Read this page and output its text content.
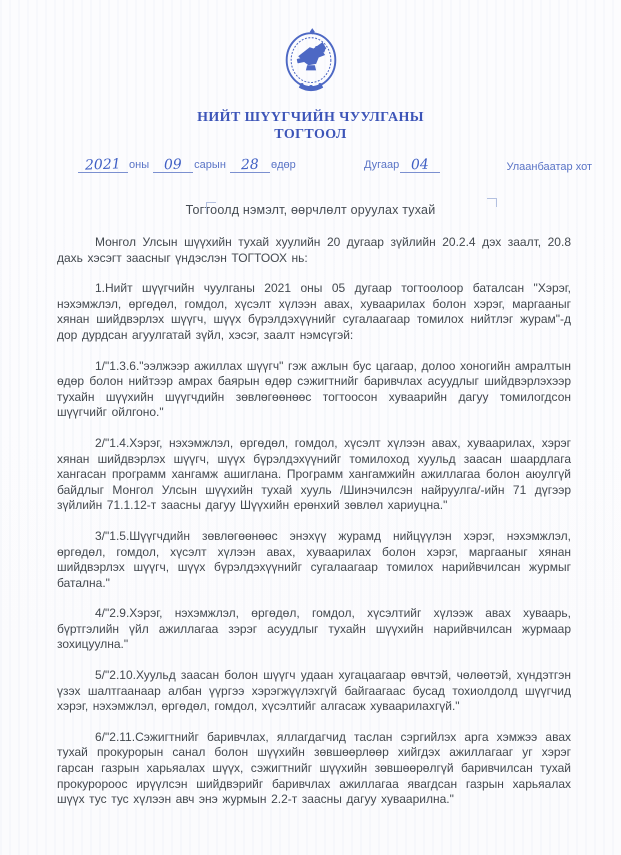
НИЙТ ШҮҮГЧИЙН ЧУУЛГАНЫ
ТОГТООЛ
2021 оны 09 сарын 28 өдөр	Дугаар 04	Улаанбаатар хот
Тогтоолд нэмэлт, өөрчлөлт оруулах тухай

Монгол Улсын шүүхийн тухай хуулийн 20 дугаар зүйлийн 20.2.4 дэх заалт, 20.8 дахь хэсэгт заасныг үндэслэн ТОГТООХ нь:

1.Нийт шүүгчийн чуулганы 2021 оны 05 дугаар тогтоолоор баталсан "Хэрэг, нэхэмжлэл, өргөдөл, гомдол, хүсэлт хүлээн авах, хуваарилах болон хэрэг, маргааныг хянан шийдвэрлэх шүүгч, шүүх бүрэлдэхүүнийг сугалаагаар томилох нийтлэг журам"-д дор дурдсан агуулгатай зүйл, хэсэг, заалт нэмсүгэй:

1/"1.3.6."ээлжээр ажиллах шүүгч" гэж ажлын бус цагаар, долоо хоногийн амралтын өдөр болон нийтээр амрах баярын өдөр сэжигтнийг баривчлах асуудлыг шийдвэрлэхээр тухайн шүүхийн шүүгчдийн зөвлөгөөнөөс тогтоосон хуваарийн дагуу томилогдсон шүүгчийг ойлгоно."

2/"1.4.Хэрэг, нэхэмжлэл, өргөдөл, гомдол, хүсэлт хүлээн авах, хуваарилах, хэрэг хянан шийдвэрлэх шүүгч, шүүх бүрэлдэхүүнийг томилоход хуульд заасан шаардлага хангасан программ хангамж ашиглана. Программ хангамжийн ажиллагаа болон аюулгүй байдлыг Монгол Улсын шүүхийн тухай хууль /Шинэчилсэн найруулга/-ийн 71 дүгээр зүйлийн 71.1.12-т заасны дагуу Шүүхийн ерөнхий зөвлөл хариуцна."

3/"1.5.Шүүгчдийн зөвлөгөөнөөс энэхүү журамд нийцүүлэн хэрэг, нэхэмжлэл, өргөдөл, гомдол, хүсэлт хүлээн авах, хуваарилах болон хэрэг, маргааныг хянан шийдвэрлэх шүүгч, шүүх бүрэлдэхүүнийг сугалаагаар томилох нарийвчилсан журмыг батална."

4/"2.9.Хэрэг, нэхэмжлэл, өргөдөл, гомдол, хүсэлтийг хүлээж авах хуваарь, бүртгэлийн үйл ажиллагаа зэрэг асуудлыг тухайн шүүхийн нарийвчилсан журмаар зохицуулна."

5/"2.10.Хуульд заасан болон шүүгч удаан хугацаагаар өвчтэй, чөлөөтэй, хүндэтгэн үзэх шалтгаанаар албан үүргээ хэрэгжүүлэхгүй байгаагаас бусад тохиолдолд шүүгчид хэрэг, нэхэмжлэл, өргөдөл, гомдол, хүсэлтийг алгасаж хуваарилахгүй."

6/"2.11.Сэжигтнийг баривчлах, яллагдагчид таслан сэргийлэх арга хэмжээ авах тухай прокурорын санал болон шүүхийн зөвшөөрлөөр хийгдэх ажиллагааг уг хэрэг гарсан газрын харьяалах шүүх, сэжигтнийг шүүхийн зөвшөөрөлгүй баривчилсан тухай прокуророос ирүүлсэн шийдвэрийг баривчлах ажиллагаа явагдсан газрын харьяалах шүүх тус тус хүлээн авч энэ журмын 2.2-т заасны дагуу хуваарилна."
